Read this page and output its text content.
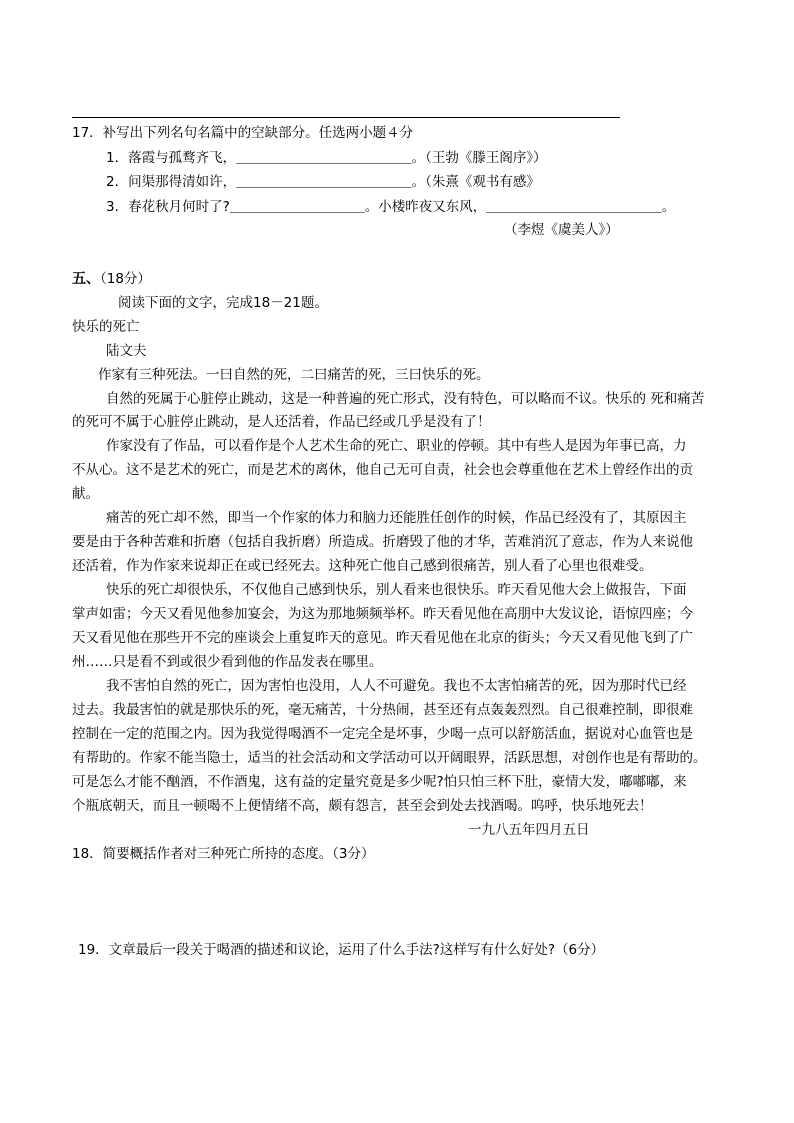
17．补写出下列名句名篇中的空缺部分。任选两小题４分
1．落霞与孤鹜齐飞，＿＿＿＿＿＿＿＿＿＿＿＿＿。（王勃《滕王阁序》）
2．问渠那得清如许，＿＿＿＿＿＿＿＿＿＿＿＿＿。（朱熹《观书有感》
3．春花秋月何时了?＿＿＿＿＿＿＿＿＿＿。小楼昨夜又东风，＿＿＿＿＿＿＿＿＿＿＿＿＿。
（李煜《虞美人》）
五、（18分）
阅读下面的文字，完成18－21题。
快乐的死亡
陆文夫
作家有三种死法。一曰自然的死，二曰痛苦的死，三曰快乐的死。
自然的死属于心脏停止跳动，这是一种普遍的死亡形式，没有特色，可以略而不议。快乐的 死和痛苦
的死可不属于心脏停止跳动，是人还活着，作品已经或几乎是没有了！
作家没有了作品，可以看作是个人艺术生命的死亡、职业的停顿。其中有些人是因为年事已高，力
不从心。这不是艺术的死亡，而是艺术的离休，他自己无可自责，社会也会尊重他在艺术上曾经作出的贡
献。
痛苦的死亡却不然，即当一个作家的体力和脑力还能胜任创作的时候，作品已经没有了，其原因主
要是由于各种苦难和折磨（包括自我折磨）所造成。折磨毁了他的才华，苦难消沉了意志，作为人来说他
还活着，作为作家来说却正在或已经死去。这种死亡他自己感到很痛苦，别人看了心里也很难受。
快乐的死亡却很快乐，不仅他自己感到快乐，别人看来也很快乐。昨天看见他大会上做报告，下面
掌声如雷；今天又看见他参加宴会，为这为那地频频举杯。昨天看见他在高朋中大发议论，语惊四座；今
天又看见他在那些开不完的座谈会上重复昨天的意见。昨天看见他在北京的街头；今天又看见他飞到了广
州……只是看不到或很少看到他的作品发表在哪里。
我不害怕自然的死亡，因为害怕也没用，人人不可避免。我也不太害怕痛苦的死，因为那时代已经
过去。我最害怕的就是那快乐的死，毫无痛苦，十分热闹，甚至还有点轰轰烈烈。自己很难控制，即很难
控制在一定的范围之内。因为我觉得喝酒不一定完全是坏事，少喝一点可以舒筋活血，据说对心血管也是
有帮助的。作家不能当隐士，适当的社会活动和文学活动可以开阔眼界，活跃思想，对创作也是有帮助的。
可是怎么才能不酗酒，不作酒鬼，这有益的定量究竟是多少呢?怕只怕三杯下肚，豪情大发，嘟嘟嘟，来
个瓶底朝天，而且一顿喝不上便情绪不高，颇有怨言，甚至会到处去找酒喝。呜呼，快乐地死去！
一九八五年四月五日
18．简要概括作者对三种死亡所持的态度。（3分）
19．文章最后一段关于喝酒的描述和议论，运用了什么手法?这样写有什么好处?（6分）
